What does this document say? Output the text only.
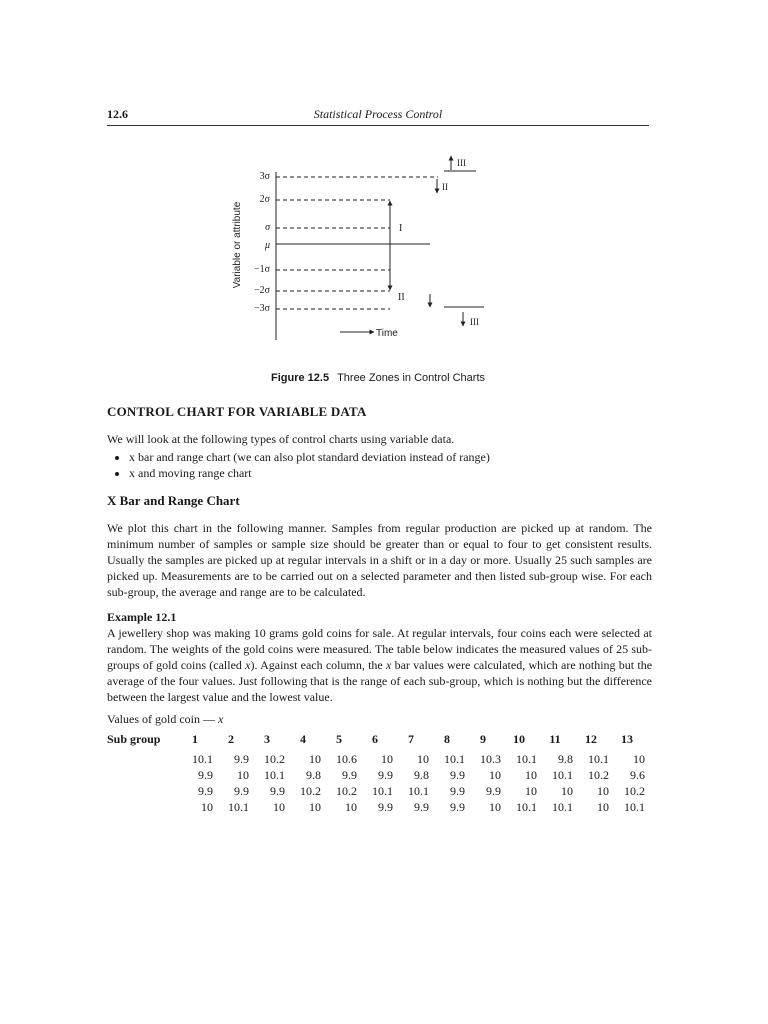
12.6	Statistical Process Control
Variable or attribute
3σ
2σ
σ
μ
−1σ
−2σ
−3σ
I
II
III
II
III
Time
Figure 12.5 Three Zones in Control Charts
CONTROL CHART FOR VARIABLE DATA

We will look at the following types of control charts using variable data.

• x bar and range chart (we can also plot standard deviation instead of range)
• x and moving range chart
X Bar and Range Chart

We plot this chart in the following manner. Samples from regular production are picked up at random. The minimum number of samples or sample size should be greater than or equal to four to get consistent results. Usually the samples are picked up at regular intervals in a shift or in a day or more. Usually 25 such samples are picked up. Measurements are to be carried out on a selected parameter and then listed sub-group wise. For each sub-group, the average and range are to be calculated.

Example 12.1

A jewellery shop was making 10 grams gold coins for sale. At regular intervals, four coins each were selected at random. The weights of the gold coins were measured. The table below indicates the measured values of 25 sub-groups of gold coins (called x). Against each column, the x bar values were calculated, which are nothing but the average of the four values. Just following that is the range of each sub-group, which is nothing but the difference between the largest value and the lowest value.

Values of gold coin — x
Sub group	1	2	3	4	5	6	7	8	9	10	11	12	13
	10.1	9.9	10.2	10	10.6	10	10	10.1	10.3	10.1	9.8	10.1	10
	9.9	10	10.1	9.8	9.9	9.9	9.8	9.9	10	10	10.1	10.2	9.6
	9.9	9.9	9.9	10.2	10.2	10.1	10.1	9.9	9.9	10	10	10	10.2
	10	10.1	10	10	10	9.9	9.9	9.9	10	10.1	10.1	10	10.1
